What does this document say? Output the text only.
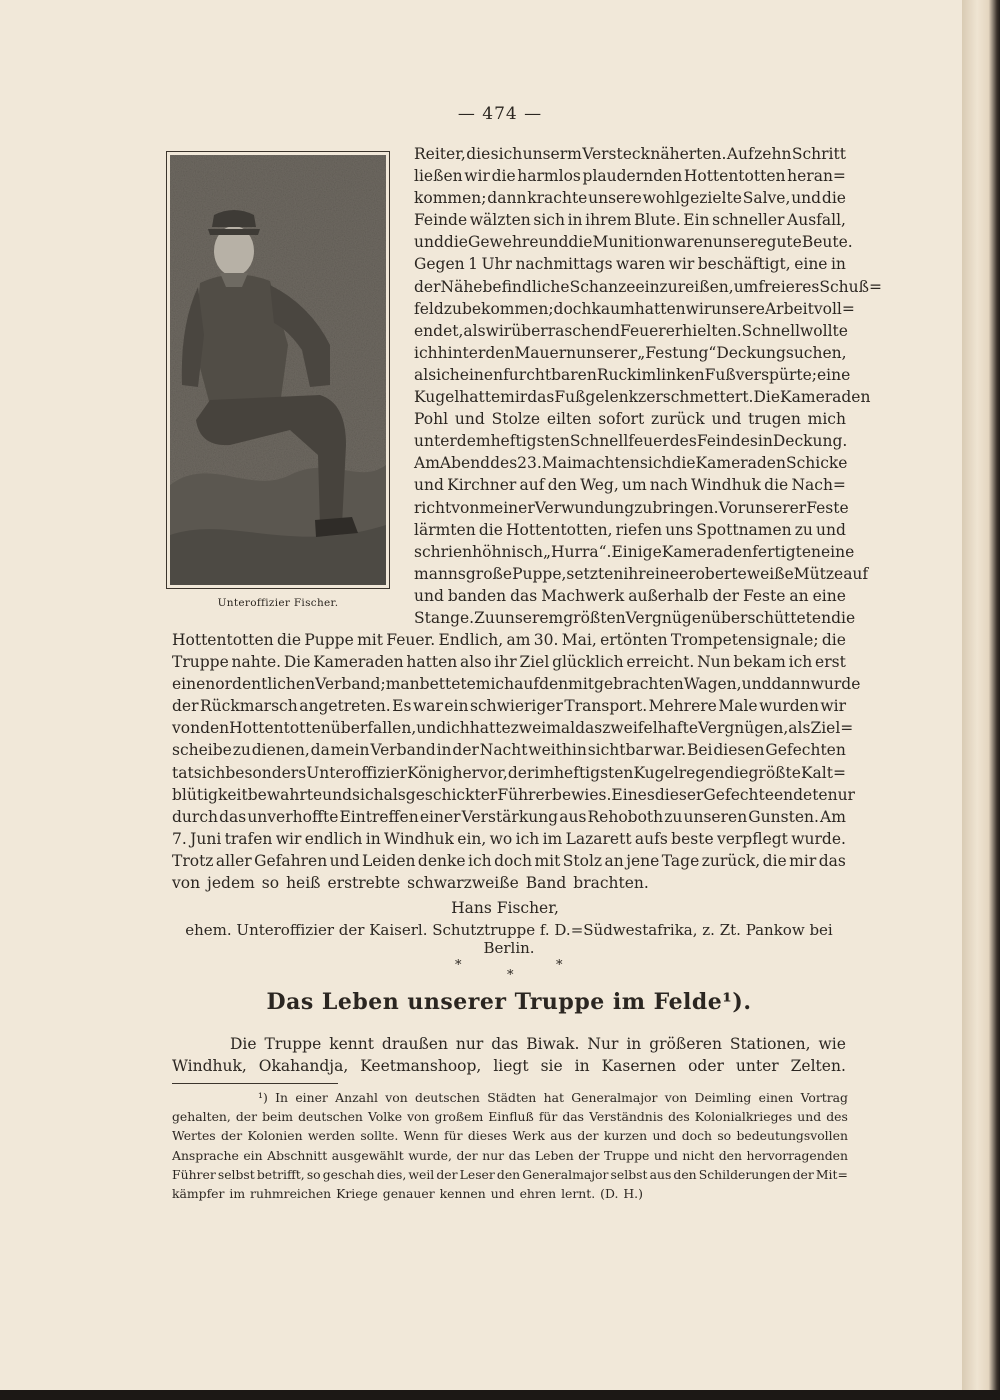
— 474 —
Unteroffizier Fischer.
Reiter, die sich unserm Versteck näherten. Auf zehn Schritt
ließen wir die harmlos plaudernden Hottentotten heran=
kommen; dann krachte unsere wohlgezielte Salve, und die
Feinde wälzten sich in ihrem Blute. Ein schneller Ausfall,
und die Gewehre und die Munition waren unsere gute Beute.
Gegen 1 Uhr nachmittags waren wir beschäftigt, eine in
der Nähe befindliche Schanze einzureißen, um freieres Schuß=
feld zu bekommen; doch kaum hatten wir unsere Arbeit voll=
endet, als wir überraschend Feuer erhielten. Schnell wollte
ich hinter den Mauern unserer „Festung“ Deckung suchen,
als ich einen furchtbaren Ruck im linken Fuß verspürte; eine
Kugel hatte mir das Fußgelenk zerschmettert. Die Kameraden
Pohl und Stolze eilten sofort zurück und trugen mich
unter dem heftigsten Schnellfeuer des Feindes in Deckung.
Am Abend des 23. Mai machten sich die Kameraden Schicke
und Kirchner auf den Weg, um nach Windhuk die Nach=
richt von meiner Verwundung zu bringen. Vor unserer Feste
lärmten die Hottentotten, riefen uns Spottnamen zu und
schrien höhnisch „Hurra“. Einige Kameraden fertigten eine
mannsgroße Puppe, setzten ihr eine eroberte weiße Mütze auf
und banden das Machwerk außerhalb der Feste an eine
Stange. Zu unserem größten Vergnügen überschütteten die
Hottentotten die Puppe mit Feuer. Endlich, am 30. Mai, ertönten Trompetensignale; die
Truppe nahte. Die Kameraden hatten also ihr Ziel glücklich erreicht. Nun bekam ich erst
einen ordentlichen Verband; man bettete mich auf den mitgebrachten Wagen, und dann wurde
der Rückmarsch angetreten. Es war ein schwieriger Transport. Mehrere Male wurden wir
von den Hottentotten überfallen, und ich hatte zweimal das zweifelhafte Vergnügen, als Ziel=
scheibe zu dienen, da mein Verband in der Nacht weithin sichtbar war. Bei diesen Gefechten
tat sich besonders Unteroffizier König hervor, der im heftigsten Kugelregen die größte Kalt=
blütigkeit bewahrte und sich als geschickter Führer bewies. Eines dieser Gefechte endete nur
durch das unverhoffte Eintreffen einer Verstärkung aus Rehoboth zu unseren Gunsten. Am
7. Juni trafen wir endlich in Windhuk ein, wo ich im Lazarett aufs beste verpflegt wurde.
Trotz aller Gefahren und Leiden denke ich doch mit Stolz an jene Tage zurück, die mir das
von jedem so heiß erstrebte schwarzweiße Band brachten.
Hans Fischer,
ehem. Unteroffizier der Kaiserl. Schutztruppe f. D.=Südwestafrika, z. Zt. Pankow bei Berlin.
*
*
*
Das Leben unserer Truppe im Felde¹).
Die Truppe kennt draußen nur das Biwak. Nur in größeren Stationen, wie
Windhuk, Okahandja, Keetmanshoop, liegt sie in Kasernen oder unter Zelten.
¹) In einer Anzahl von deutschen Städten hat Generalmajor von Deimling einen Vortrag
gehalten, der beim deutschen Volke von großem Einfluß für das Verständnis des Kolonialkrieges und des
Wertes der Kolonien werden sollte. Wenn für dieses Werk aus der kurzen und doch so bedeutungsvollen
Ansprache ein Abschnitt ausgewählt wurde, der nur das Leben der Truppe und nicht den hervorragenden
Führer selbst betrifft, so geschah dies, weil der Leser den Generalmajor selbst aus den Schilderungen der Mit=
kämpfer im ruhmreichen Kriege genauer kennen und ehren lernt. (D. H.)
